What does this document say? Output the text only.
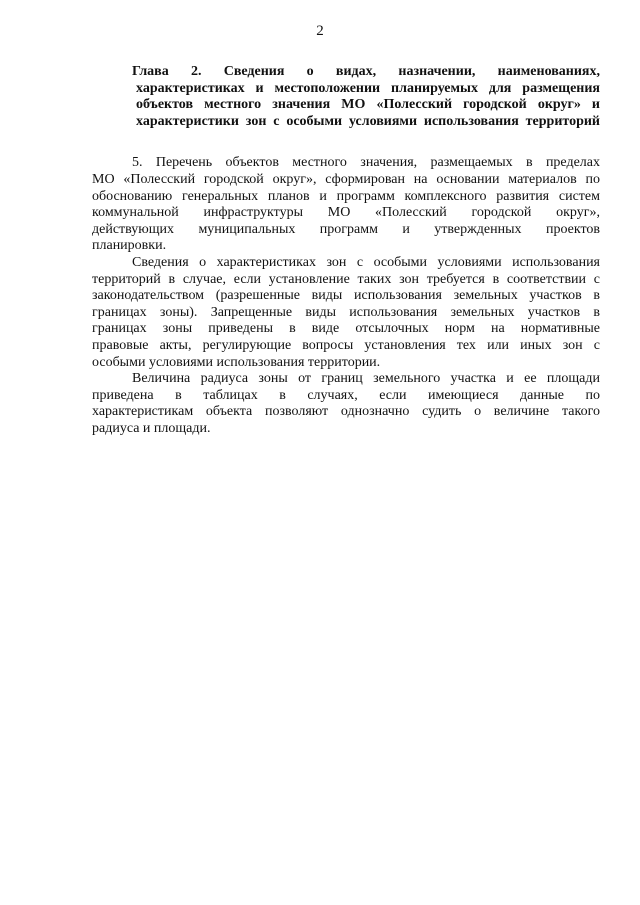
2
Глава 2. Сведения о видах, назначении, наименованиях,
характеристиках и местоположении планируемых для размещения
объектов местного значения МО «Полесский городской округ» и
характеристики зон с особыми условиями использования территорий
5. Перечень объектов местного значения, размещаемых в пределах
МО «Полесский городской округ», сформирован на основании материалов по
обоснованию генеральных планов и программ комплексного развития систем
коммунальной инфраструктуры МО «Полесский городской округ»,
действующих муниципальных программ и утвержденных проектов
планировки.
Сведения о характеристиках зон с особыми условиями использования
территорий в случае, если установление таких зон требуется в соответствии с
законодательством (разрешенные виды использования земельных участков в
границах зоны). Запрещенные виды использования земельных участков в
границах зоны приведены в виде отсылочных норм на нормативные
правовые акты, регулирующие вопросы установления тех или иных зон с
особыми условиями использования территории.
Величина радиуса зоны от границ земельного участка и ее площади
приведена в таблицах в случаях, если имеющиеся данные по
характеристикам объекта позволяют однозначно судить о величине такого
радиуса и площади.
